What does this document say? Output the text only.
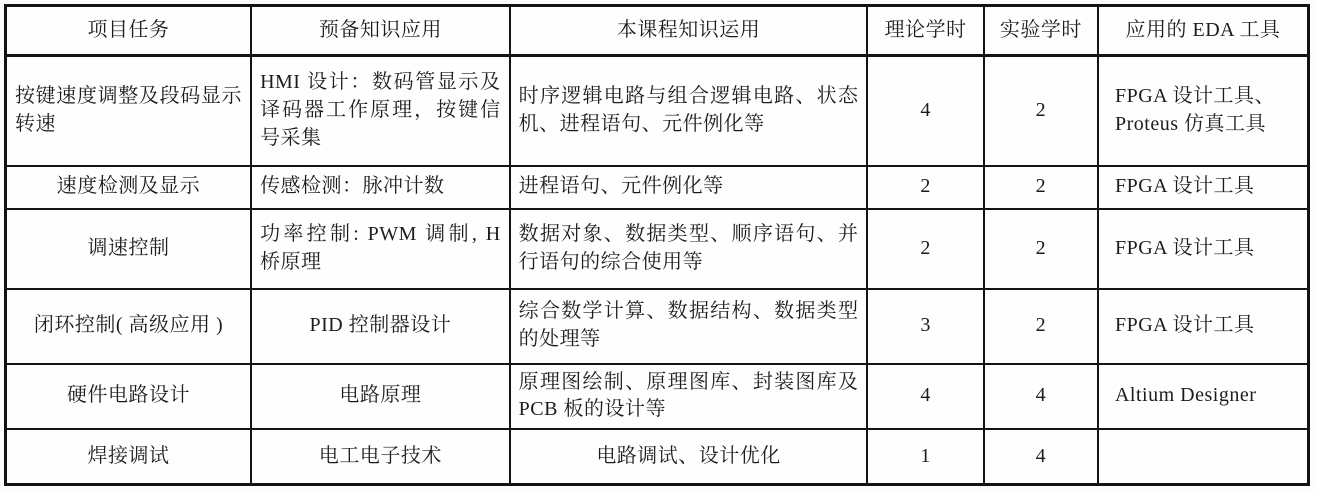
项目任务	预备知识应用	本课程知识运用	理论学时	实验学时	应用的 EDA 工具
按键速度调整及段码显示转速	HMI 设计：数码管显示及译码器工作原理，按键信号采集	时序逻辑电路与组合逻辑电路、状态机、进程语句、元件例化等	4	2	FPGA 设计工具、Proteus 仿真工具
速度检测及显示	传感检测：脉冲计数	进程语句、元件例化等	2	2	FPGA 设计工具
调速控制	功率控制: PWM 调制, H 桥原理	数据对象、数据类型、顺序语句、并行语句的综合使用等	2	2	FPGA 设计工具
闭环控制( 高级应用 )	PID 控制器设计	综合数学计算、数据结构、数据类型的处理等	3	2	FPGA 设计工具
硬件电路设计	电路原理	原理图绘制、原理图库、封装图库及 PCB 板的设计等	4	4	Altium Designer
焊接调试	电工电子技术	电路调试、设计优化	1	4	
